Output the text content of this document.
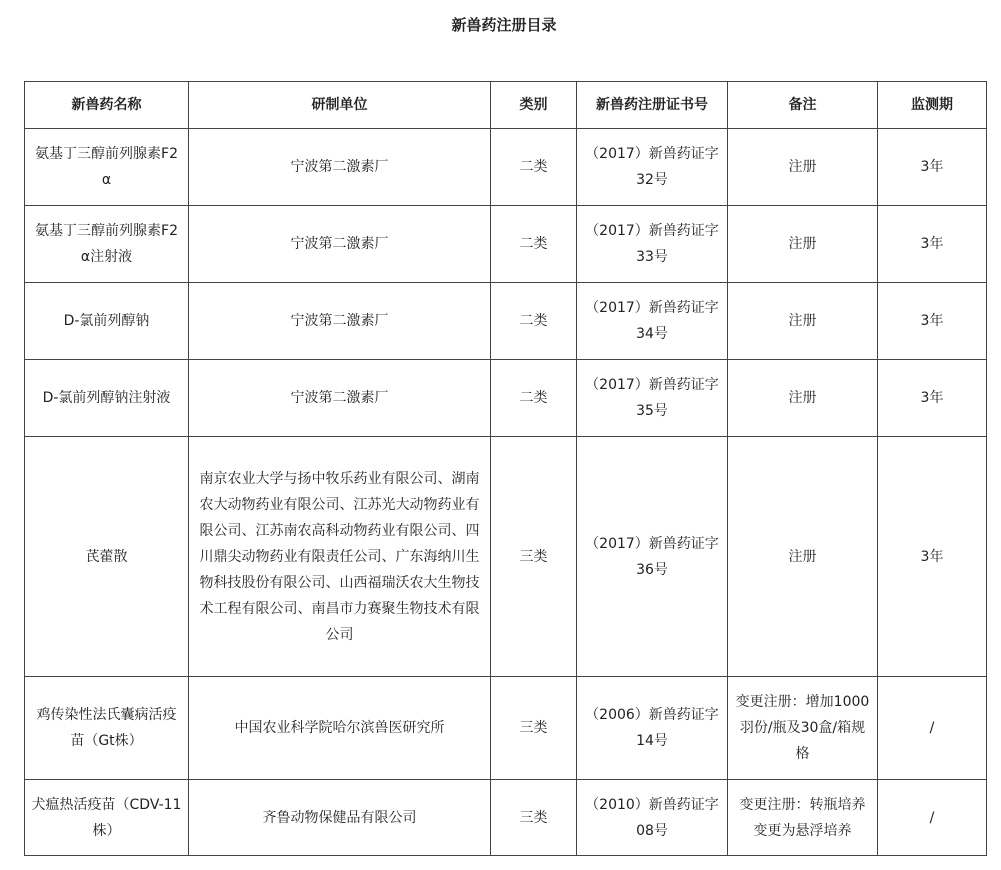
新兽药注册目录
新兽药名称	研制单位	类别	新兽药注册证书号	备注	监测期
氨基丁三醇前列腺素F2α	宁波第二激素厂	二类	（2017）新兽药证字32号	注册	3年
氨基丁三醇前列腺素F2α注射液	宁波第二激素厂	二类	（2017）新兽药证字33号	注册	3年
D-氯前列醇钠	宁波第二激素厂	二类	（2017）新兽药证字34号	注册	3年
D-氯前列醇钠注射液	宁波第二激素厂	二类	（2017）新兽药证字35号	注册	3年
芪藿散	南京农业大学与扬中牧乐药业有限公司、湖南农大动物药业有限公司、江苏光大动物药业有限公司、江苏南农高科动物药业有限公司、四川鼎尖动物药业有限责任公司、广东海纳川生物科技股份有限公司、山西福瑞沃农大生物技术工程有限公司、南昌市力赛聚生物技术有限公司	三类	（2017）新兽药证字36号	注册	3年
鸡传染性法氏囊病活疫苗（Gt株）	中国农业科学院哈尔滨兽医研究所	三类	（2006）新兽药证字14号	变更注册：增加1000羽份/瓶及30盒/箱规格	/
犬瘟热活疫苗（CDV-11株）	齐鲁动物保健品有限公司	三类	（2010）新兽药证字08号	变更注册：转瓶培养变更为悬浮培养	/
